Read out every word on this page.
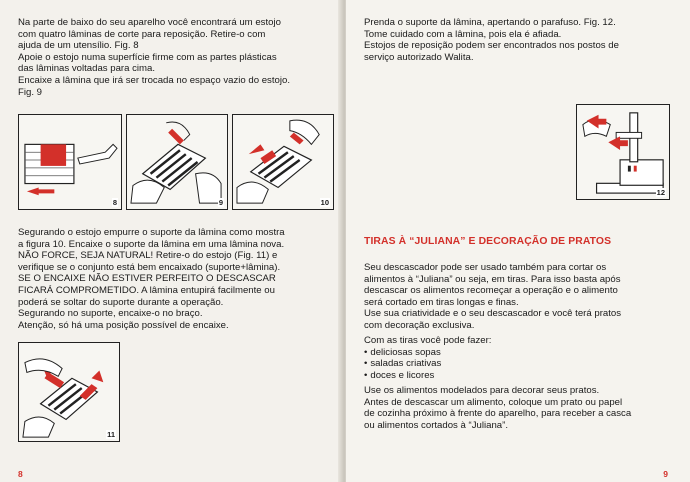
Na parte de baixo do seu aparelho você encontrará um estojo

com quatro lâminas de corte para reposição. Retire-o com

ajuda de um utensílio. Fig. 8

Apoie o estojo numa superfície firme com as partes plásticas

das lâminas voltadas para cima.

Encaixe a lâmina que irá ser trocada no espaço vazio do estojo.

Fig. 9

8	9	10

Segurando o estojo empurre o suporte da lâmina como mostra

a figura 10. Encaixe o suporte da lâmina em uma lâmina nova.

NÃO FORCE, SEJA NATURAL! Retire-o do estojo (Fig. 11) e

verifique se o conjunto está bem encaixado (suporte+lâmina).

SE O ENCAIXE NÃO ESTIVER PERFEITO O DESCASCAR

FICARÁ COMPROMETIDO. A lâmina entupirá facilmente ou

poderá se soltar do suporte durante a operação.

Segurando no suporte, encaixe-o no braço.

Atenção, só há uma posição possível de encaixe.

11
8

Prenda o suporte da lâmina, apertando o parafuso. Fig. 12.

Tome cuidado com a lâmina, pois ela é afiada.

Estojos de reposição podem ser encontrados nos postos de

serviço autorizado Walita.

12
TIRAS À “JULIANA” E DECORAÇÃO DE PRATOS

Seu descascador pode ser usado também para cortar os

alimentos à “Juliana” ou seja, em tiras. Para isso basta após

descascar os alimentos recomeçar a operação e o alimento

será cortado em tiras longas e finas.

Use sua criatividade e o seu descascador e você terá pratos

com decoração exclusiva.

Com as tiras você pode fazer:

• deliciosas sopas
• saladas criativas
• doces e licores

Use os alimentos modelados para decorar seus pratos.

Antes de descascar um alimento, coloque um prato ou papel

de cozinha próximo à frente do aparelho, para receber a casca

ou alimentos cortados à “Juliana”.

9
